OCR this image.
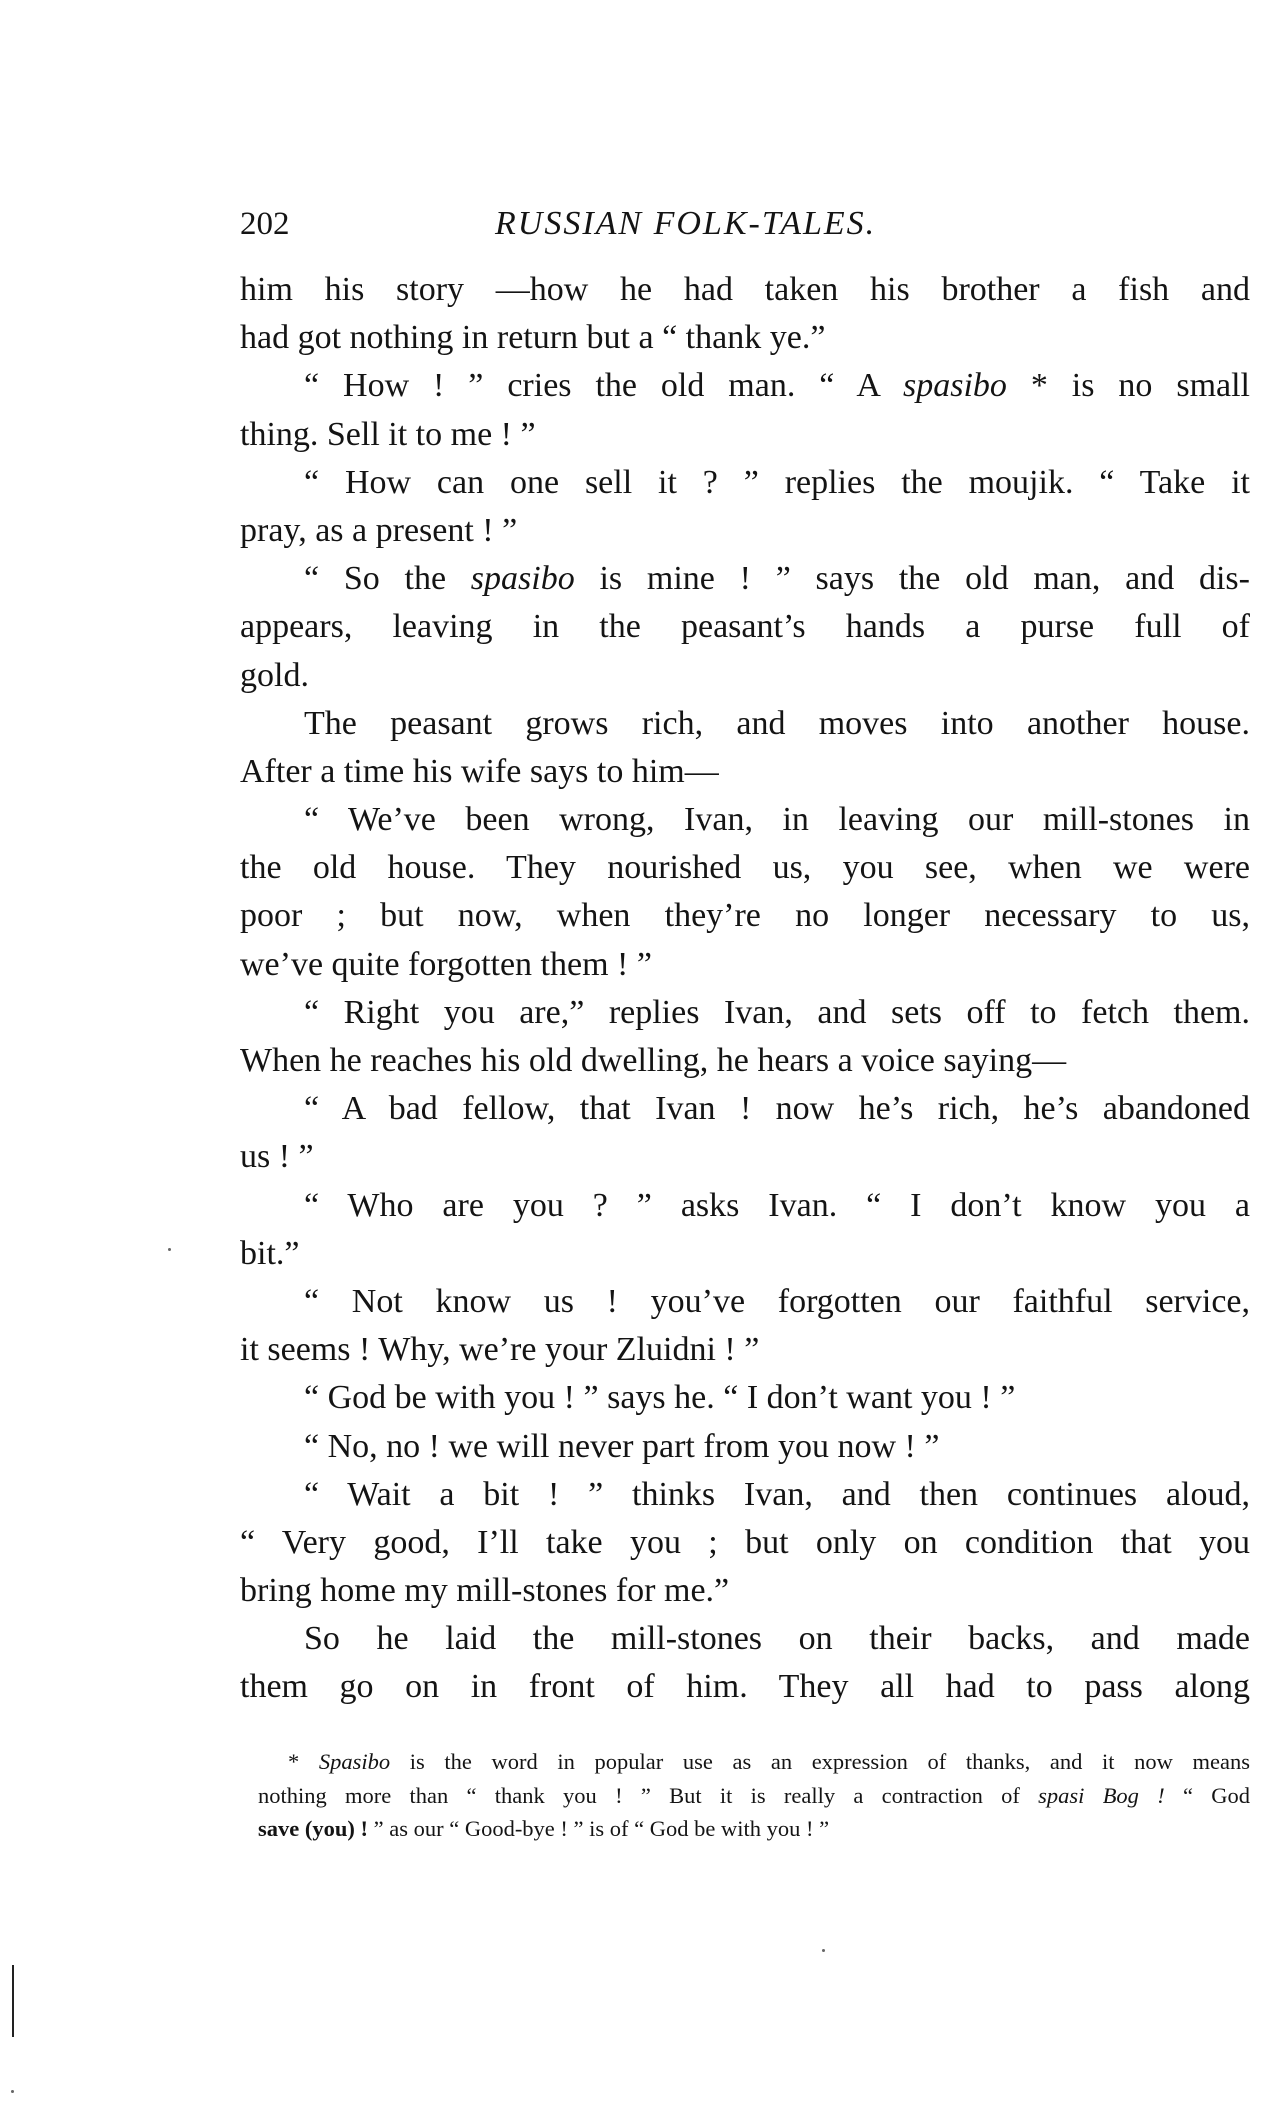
202	RUSSIAN FOLK-TALES.
him his story —how he had taken his brother a fish and
had got nothing in return but a “ thank ye.”
“ How ! ” cries the old man. “ A spasibo * is no small
thing. Sell it to me ! ”
“ How can one sell it ? ” replies the moujik. “ Take it
pray, as a present ! ”
“ So the spasibo is mine ! ” says the old man, and dis-
appears, leaving in the peasant’s hands a purse full of
gold.
The peasant grows rich, and moves into another house.
After a time his wife says to him—
“ We’ve been wrong, Ivan, in leaving our mill-stones in
the old house. They nourished us, you see, when we were
poor ; but now, when they’re no longer necessary to us,
we’ve quite forgotten them ! ”
“ Right you are,” replies Ivan, and sets off to fetch them.
When he reaches his old dwelling, he hears a voice saying—
“ A bad fellow, that Ivan ! now he’s rich, he’s abandoned
us ! ”
“ Who are you ? ” asks Ivan. “ I don’t know you a
bit.”
“ Not know us ! you’ve forgotten our faithful service,
it seems ! Why, we’re your Zluidni ! ”
“ God be with you ! ” says he. “ I don’t want you ! ”
“ No, no ! we will never part from you now ! ”
“ Wait a bit ! ” thinks Ivan, and then continues aloud,
“ Very good, I’ll take you ; but only on condition that you
bring home my mill-stones for me.”
So he laid the mill-stones on their backs, and made
them go on in front of him. They all had to pass along
* Spasibo is the word in popular use as an expression of thanks, and it now means
nothing more than “ thank you ! ” But it is really a contraction of spasi Bog ! “ God
save (you) ! ” as our “ Good-bye ! ” is of “ God be with you ! ”
